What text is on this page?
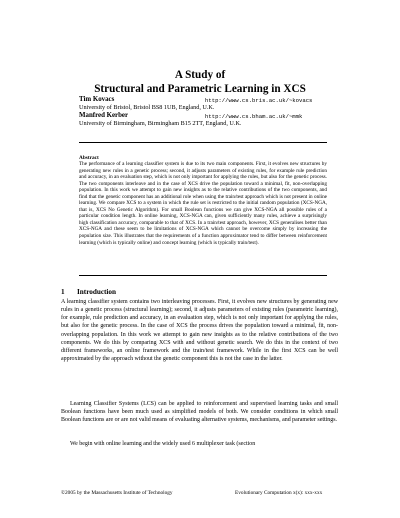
A Study of
Structural and Parametric Learning in XCS
Tim Kovacs	http://www.cs.bris.ac.uk/~kovacs
University of Bristol, Bristol BS8 1UB, England, U.K.
Manfred Kerber	http://www.cs.bham.ac.uk/~mmk
University of Birmingham, Birmingham B15 2TT, England, U.K.
Abstract
The performance of a learning classifier system is due to its two main components. First, it evolves new structures by generating new rules in a genetic process; second, it adjusts parameters of existing rules, for example rule prediction and accuracy, in an evaluation step, which is not only important for applying the rules, but also for the genetic process. The two components interleave and in the case of XCS drive the population toward a minimal, fit, non-overlapping population. In this work we attempt to gain new insights as to the relative contributions of the two components, and find that the genetic component has an additional role when using the train/test approach which is not present in online learning. We compare XCS to a system in which the rule set is restricted to the initial random population (XCS-NGA, that is, XCS No Genetic Algorithm). For small Boolean functions we can give XCS-NGA all possible rules of a particular condition length. In online learning, XCS-NGA can, given sufficiently many rules, achieve a surprisingly high classification accuracy, comparable to that of XCS. In a train/test approach, however, XCS generalises better than XCS-NGA and these seem to be limitations of XCS-NGA which cannot be overcome simply by increasing the population size. This illustrates that the requirements of a function approximator tend to differ between reinforcement learning (which is typically online) and concept learning (which is typically train/test).
1 Introduction
A learning classifier system contains two interleaving processes. First, it evolves new structures by generating new rules in a genetic process (structural learning); second, it adjusts parameters of existing rules (parametric learning), for example, rule prediction and accuracy, in an evaluation step, which is not only important for applying the rules, but also for the genetic process. In the case of XCS the process drives the population toward a minimal, fit, non-overlapping population. In this work we attempt to gain new insights as to the relative contributions of the two components. We do this by comparing XCS with and without genetic search. We do this in the context of two different frameworks, an online framework and the train/test framework. While in the first XCS can be well approximated by the approach without the genetic component this is not the case in the latter.
Learning Classifier Systems (LCS) can be applied to reinforcement and supervised learning tasks and small Boolean functions have been much used as simplified models of both. We consider conditions in which small Boolean functions are or are not valid means of evaluating alternative systems, mechanisms, and parameter settings.
We begin with online learning and the widely used 6 multiplexer task (section
©2005 by the Massachusetts Institute of Technology	Evolutionary Computation x(x): xxx-xxx
